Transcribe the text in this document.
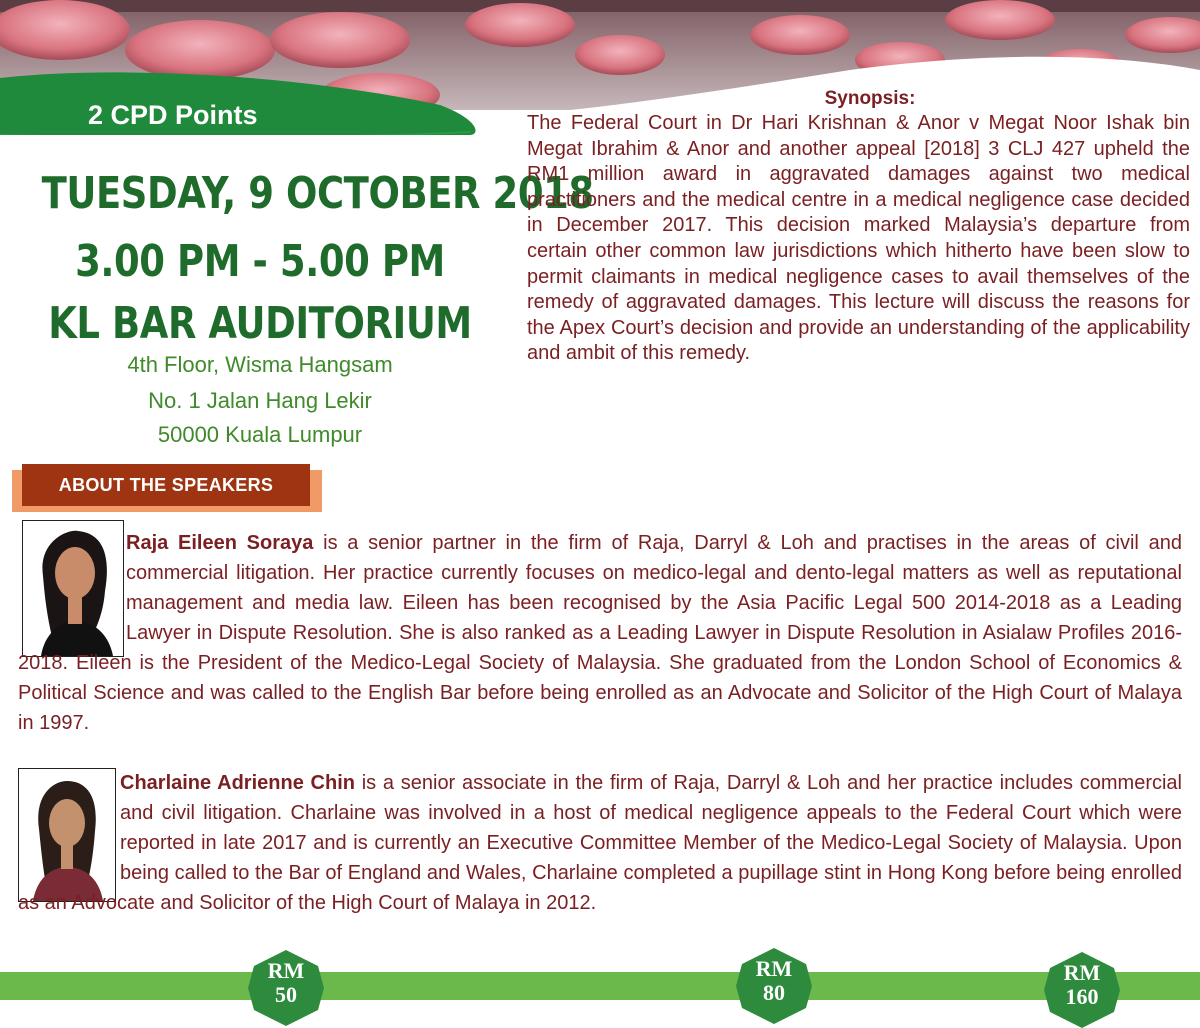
2 CPD Points
TUESDAY, 9 OCTOBER 2018
3.00 PM - 5.00 PM
KL BAR AUDITORIUM
4th Floor, Wisma Hangsam
No. 1 Jalan Hang Lekir
50000 Kuala Lumpur
Synopsis:
The Federal Court in Dr Hari Krishnan & Anor v Megat Noor Ishak bin Megat Ibrahim & Anor and another appeal [2018] 3 CLJ 427 upheld the RM1 million award in aggravated damages against two medical practitioners and the medical centre in a medical negligence case decided in December 2017. This decision marked Malaysia’s departure from certain other common law jurisdictions which hitherto have been slow to permit claimants in medical negligence cases to avail themselves of the remedy of aggravated damages. This lecture will discuss the reasons for the Apex Court’s decision and provide an understanding of the applicability and ambit of this remedy.
ABOUT THE SPEAKERS
Raja Eileen Soraya is a senior partner in the firm of Raja, Darryl & Loh and practises in the areas of civil and commercial litigation. Her practice currently focuses on medico-legal and dento-legal matters as well as reputational management and media law. Eileen has been recognised by the Asia Pacific Legal 500 2014-2018 as a Leading Lawyer in Dispute Resolution. She is also ranked as a Leading Lawyer in Dispute Resolution in Asialaw Profiles 2016-2018. Eileen is the President of the Medico-Legal Society of Malaysia. She graduated from the London School of Economics & Political Science and was called to the English Bar before being enrolled as an Advocate and Solicitor of the High Court of Malaya in 1997.
Charlaine Adrienne Chin is a senior associate in the firm of Raja, Darryl & Loh and her practice includes commercial and civil litigation. Charlaine was involved in a host of medical negligence appeals to the Federal Court which were reported in late 2017 and is currently an Executive Committee Member of the Medico-Legal Society of Malaysia. Upon being called to the Bar of England and Wales, Charlaine completed a pupillage stint in Hong Kong before being enrolled as an Advocate and Solicitor of the High Court of Malaya in 2012.
RM
50
RM
80
RM
160
